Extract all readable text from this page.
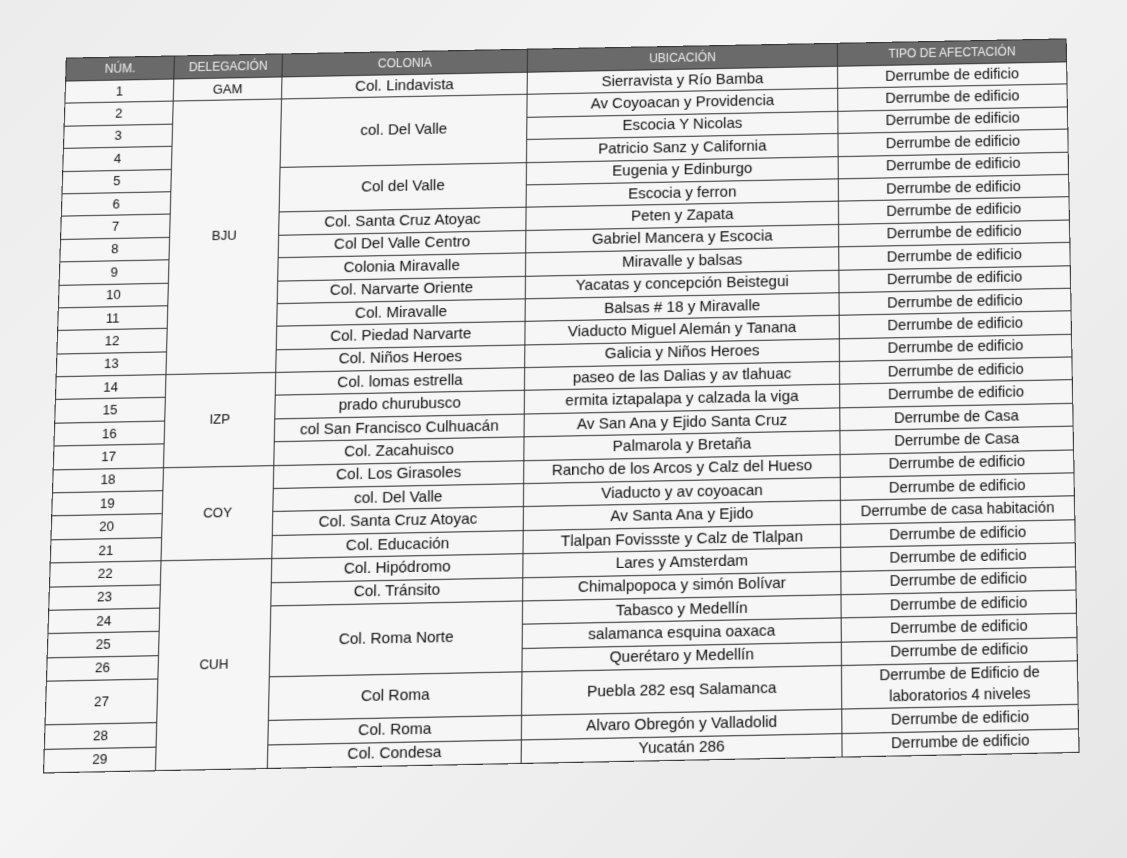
NÚM.	DELEGACIÓN	COLONIA	UBICACIÓN	TIPO DE AFECTACIÓN
1	GAM	Col. Lindavista	Sierravista y Río Bamba	Derrumbe de edificio
2	BJU	col. Del Valle	Av Coyoacan y Providencia	Derrumbe de edificio
3			Escocia Y Nicolas	Derrumbe de edificio
4			Patricio Sanz y California	Derrumbe de edificio
5		Col del Valle	Eugenia y Edinburgo	Derrumbe de edificio
6			Escocia y ferron	Derrumbe de edificio
7		Col. Santa Cruz Atoyac	Peten y Zapata	Derrumbe de edificio
8		Col Del Valle Centro	Gabriel Mancera y Escocia	Derrumbe de edificio
9		Colonia Miravalle	Miravalle y balsas	Derrumbe de edificio
10		Col. Narvarte Oriente	Yacatas y concepción Beistegui	Derrumbe de edificio
11		Col. Miravalle	Balsas # 18 y Miravalle	Derrumbe de edificio
12		Col. Piedad Narvarte	Viaducto Miguel Alemán y Tanana	Derrumbe de edificio
13		Col. Niños Heroes	Galicia y Niños Heroes	Derrumbe de edificio
14	IZP	Col. lomas estrella	paseo de las Dalias y av tlahuac	Derrumbe de edificio
15		prado churubusco	ermita iztapalapa y calzada la viga	Derrumbe de edificio
16		col San Francisco Culhuacán	Av San Ana y Ejido Santa Cruz	Derrumbe de Casa
17		Col. Zacahuisco	Palmarola y Bretaña	Derrumbe de Casa
18	COY	Col. Los Girasoles	Rancho de los Arcos y Calz del Hueso	Derrumbe de edificio
19		col. Del Valle	Viaducto y av coyoacan	Derrumbe de edificio
20		Col. Santa Cruz Atoyac	Av Santa Ana y Ejido	Derrumbe de casa habitación
21		Col. Educación	Tlalpan Fovissste y Calz de Tlalpan	Derrumbe de edificio
22	CUH	Col. Hipódromo	Lares y Amsterdam	Derrumbe de edificio
23		Col. Tránsito	Chimalpopoca y simón Bolívar	Derrumbe de edificio
24		Col. Roma Norte	Tabasco y Medellín	Derrumbe de edificio
25			salamanca esquina oaxaca	Derrumbe de edificio
26			Querétaro y Medellín	Derrumbe de edificio
27		Col Roma	Puebla 282 esq Salamanca	Derrumbe de Edificio de laboratorios 4 niveles
28		Col. Roma	Alvaro Obregón y Valladolid	Derrumbe de edificio
29		Col. Condesa	Yucatán 286	Derrumbe de edificio
